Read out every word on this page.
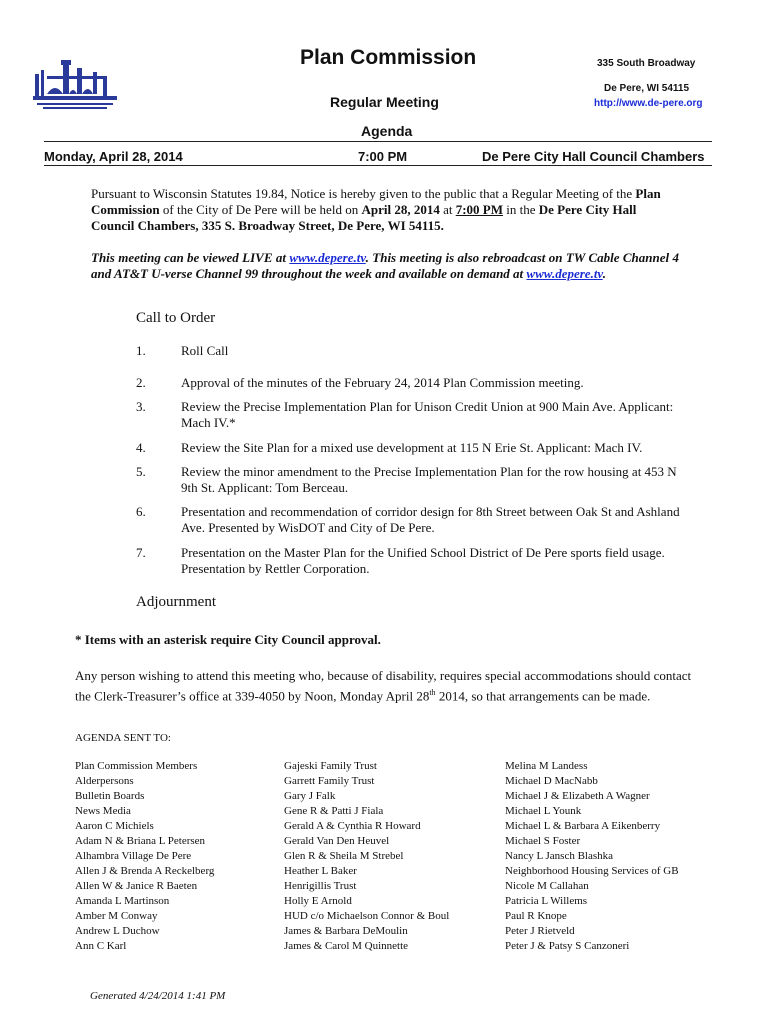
Plan Commission
Regular Meeting
335 South Broadway
De Pere, WI 54115
http://www.de-pere.org
Agenda
Monday, April 28, 2014	7:00 PM	De Pere City Hall Council Chambers
Pursuant to Wisconsin Statutes 19.84, Notice is hereby given to the public that a Regular Meeting of the Plan Commission of the City of De Pere will be held on April 28, 2014 at 7:00 PM in the De Pere City Hall Council Chambers, 335 S. Broadway Street, De Pere, WI 54115.
This meeting can be viewed LIVE at www.depere.tv. This meeting is also rebroadcast on TW Cable Channel 4 and AT&T U-verse Channel 99 throughout the week and available on demand at www.depere.tv.
Call to Order
1.	Roll Call
2.	Approval of the minutes of the February 24, 2014 Plan Commission meeting.
3.	Review the Precise Implementation Plan for Unison Credit Union at 900 Main Ave. Applicant: Mach IV.*
4.	Review the Site Plan for a mixed use development at 115 N Erie St. Applicant: Mach IV.
5.	Review the minor amendment to the Precise Implementation Plan for the row housing at 453 N 9th St. Applicant: Tom Berceau.
6.	Presentation and recommendation of corridor design for 8th Street between Oak St and Ashland Ave. Presented by WisDOT and City of De Pere.
7.	Presentation on the Master Plan for the Unified School District of De Pere sports field usage. Presentation by Rettler Corporation.
Adjournment
* Items with an asterisk require City Council approval.
Any person wishing to attend this meeting who, because of disability, requires special accommodations should contact the Clerk-Treasurer’s office at 339-4050 by Noon, Monday April 28th 2014, so that arrangements can be made.
AGENDA SENT TO:
Plan Commission Members
Alderpersons
Bulletin Boards
News Media
Aaron C Michiels
Adam N & Briana L Petersen
Alhambra Village De Pere
Allen J & Brenda A Reckelberg
Allen W & Janice R Baeten
Amanda L Martinson
Amber M Conway
Andrew L Duchow
Ann C Karl
Gajeski Family Trust
Garrett Family Trust
Gary J Falk
Gene R & Patti J Fiala
Gerald A & Cynthia R Howard
Gerald Van Den Heuvel
Glen R & Sheila M Strebel
Heather L Baker
Henrigillis Trust
Holly E Arnold
HUD c/o Michaelson Connor & Boul
James & Barbara DeMoulin
James & Carol M Quinnette
Melina M Landess
Michael D MacNabb
Michael J & Elizabeth A Wagner
Michael L Younk
Michael L & Barbara A Eikenberry
Michael S Foster
Nancy L Jansch Blashka
Neighborhood Housing Services of GB
Nicole M Callahan
Patricia L Willems
Paul R Knope
Peter J Rietveld
Peter J & Patsy S Canzoneri
Generated 4/24/2014 1:41 PM
